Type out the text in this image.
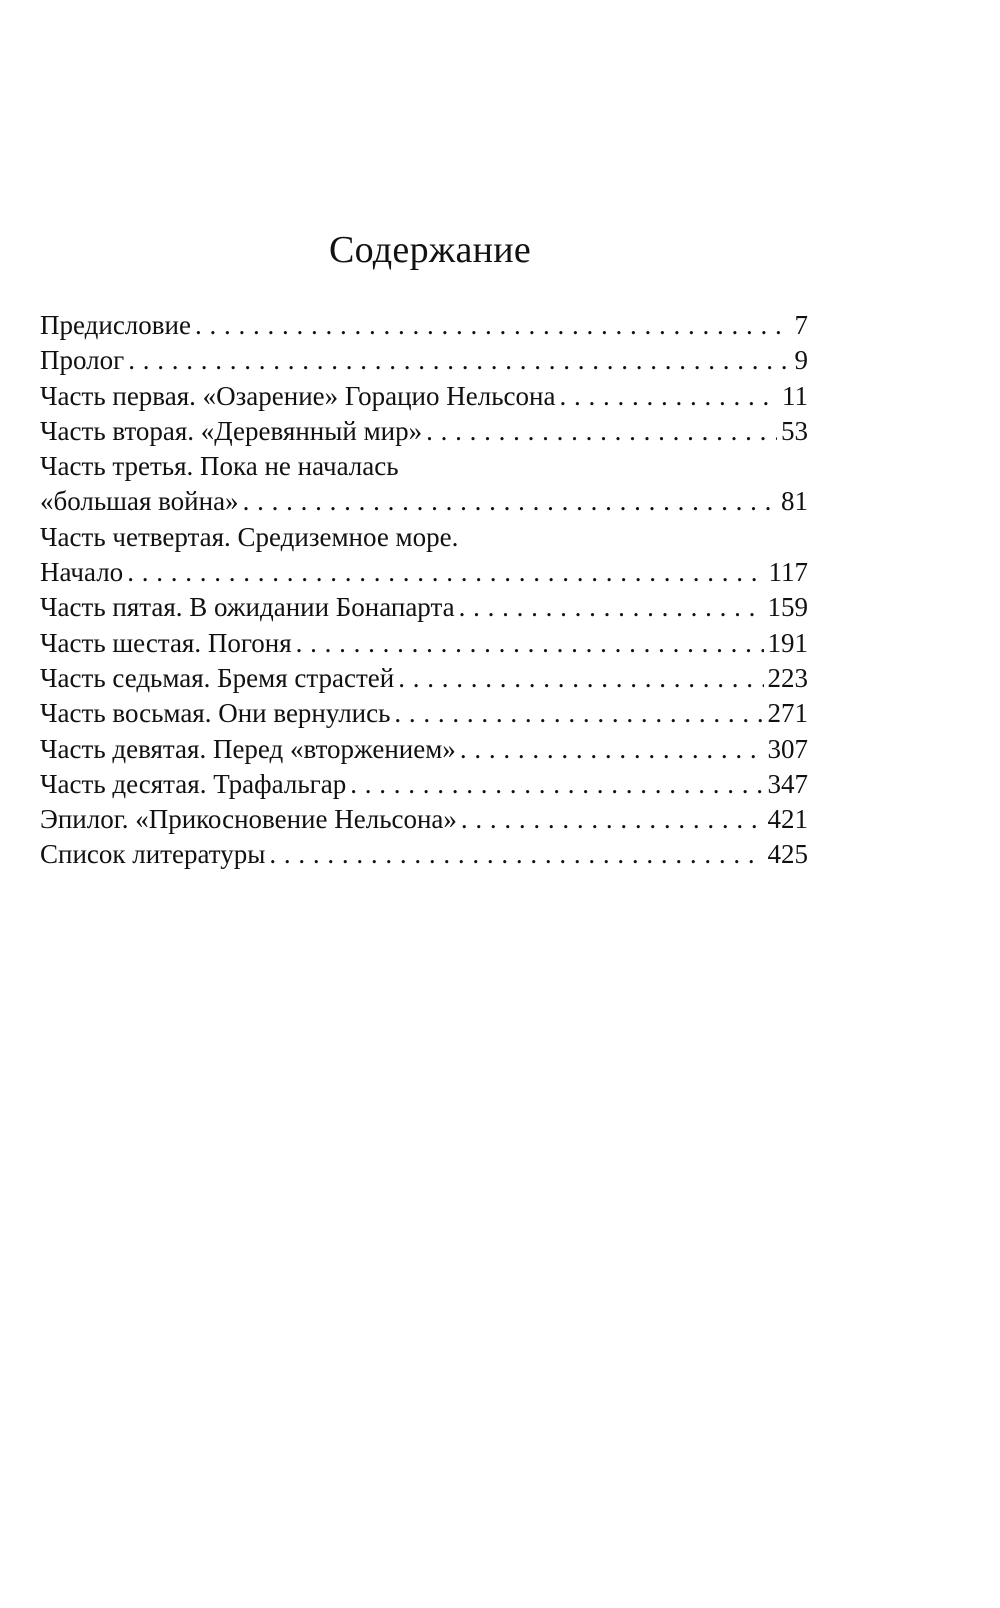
Содержание
Предисловие . . .	7
Пролог . . .	9
Часть первая. «Озарение» Горацио Нельсона . . .	11
Часть вторая. «Деревянный мир» . . .	53
Часть третья. Пока не началась
«большая война» . . .	81
Часть четвертая. Средиземное море.
Начало . . .	117
Часть пятая. В ожидании Бонапарта . . .	159
Часть шестая. Погоня . . .	191
Часть седьмая. Бремя страстей . . .	223
Часть восьмая. Они вернулись . . .	271
Часть девятая. Перед «вторжением» . . .	307
Часть десятая. Трафальгар . . .	347
Эпилог. «Прикосновение Нельсона» . . .	421
Список литературы . . .	425
